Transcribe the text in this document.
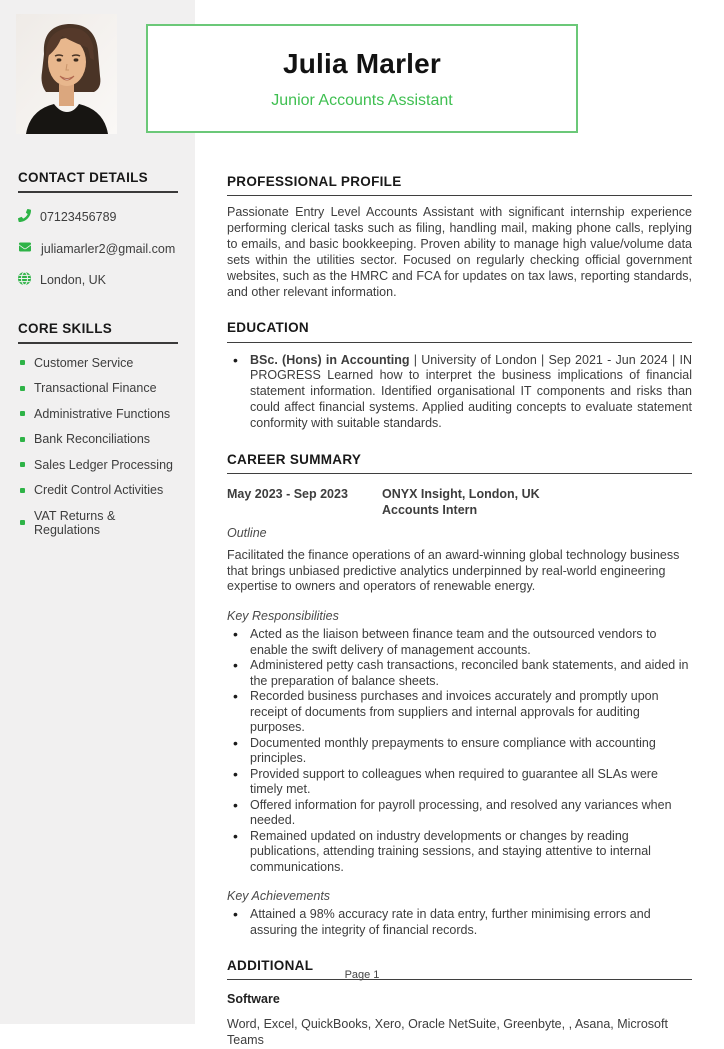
CONTACT DETAILS
07123456789
juliamarler2@gmail.com
London, UK
CORE SKILLS
Customer Service
Transactional Finance
Administrative Functions
Bank Reconciliations
Sales Ledger Processing
Credit Control Activities
VAT Returns & Regulations
Julia Marler
Junior Accounts Assistant
PROFESSIONAL PROFILE
Passionate Entry Level Accounts Assistant with significant internship experience performing clerical tasks such as filing, handling mail, making phone calls, replying to emails, and basic bookkeeping. Proven ability to manage high value/volume data sets within the utilities sector. Focused on regularly checking official government websites, such as the HMRC and FCA for updates on tax laws, reporting standards, and other relevant information.
EDUCATION
• BSc. (Hons) in Accounting | University of London | Sep 2021 - Jun 2024 | IN PROGRESS Learned how to interpret the business implications of financial statement information. Identified organisational IT components and risks than could affect financial systems. Applied auditing concepts to evaluate statement conformity with suitable standards.
CAREER SUMMARY
May 2023 - Sep 2023	ONYX Insight, London, UK
Accounts Intern
Outline
Facilitated the finance operations of an award-winning global technology business that brings unbiased predictive analytics underpinned by real-world engineering expertise to owners and operators of renewable energy.
Key Responsibilities
• Acted as the liaison between finance team and the outsourced vendors to enable the swift delivery of management accounts.
• Administered petty cash transactions, reconciled bank statements, and aided in the preparation of balance sheets.
• Recorded business purchases and invoices accurately and promptly upon receipt of documents from suppliers and internal approvals for auditing purposes.
• Documented monthly prepayments to ensure compliance with accounting principles.
• Provided support to colleagues when required to guarantee all SLAs were timely met.
• Offered information for payroll processing, and resolved any variances when needed.
• Remained updated on industry developments or changes by reading publications, attending training sessions, and staying attentive to internal communications.
Key Achievements
• Attained a 98% accuracy rate in data entry, further minimising errors and assuring the integrity of financial records.
ADDITIONAL
Software
Word, Excel, QuickBooks, Xero, Oracle NetSuite, Greenbyte, , Asana, Microsoft Teams
Page 1
